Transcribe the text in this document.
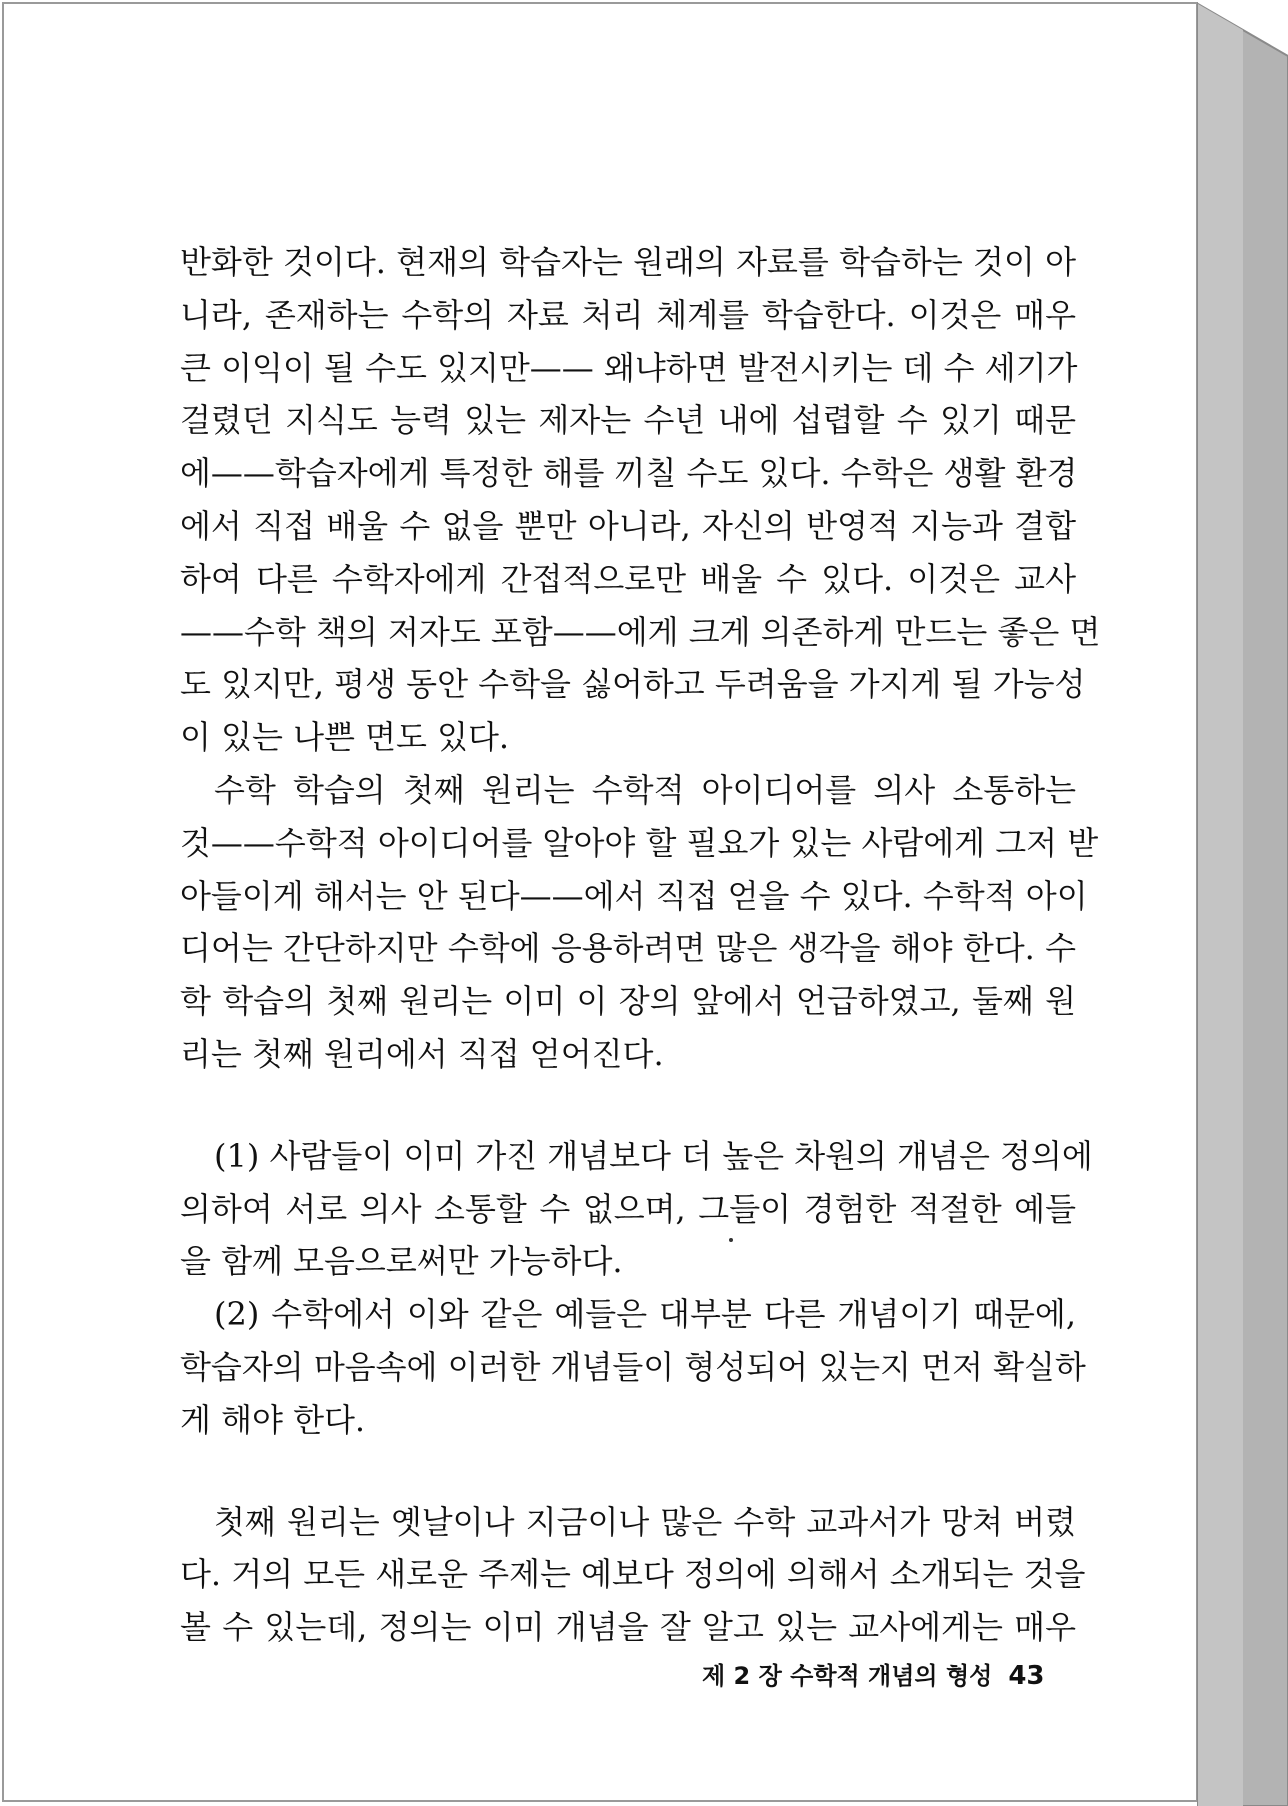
반화한 것이다. 현재의 학습자는 원래의 자료를 학습하는 것이 아
니라, 존재하는 수학의 자료 처리 체계를 학습한다. 이것은 매우
큰 이익이 될 수도 있지만—— 왜냐하면 발전시키는 데 수 세기가
걸렸던 지식도 능력 있는 제자는 수년 내에 섭렵할 수 있기 때문
에——학습자에게 특정한 해를 끼칠 수도 있다. 수학은 생활 환경
에서 직접 배울 수 없을 뿐만 아니라, 자신의 반영적 지능과 결합
하여 다른 수학자에게 간접적으로만 배울 수 있다. 이것은 교사
——수학 책의 저자도 포함——에게 크게 의존하게 만드는 좋은 면
도 있지만, 평생 동안 수학을 싫어하고 두려움을 가지게 될 가능성
이 있는 나쁜 면도 있다.
수학 학습의 첫째 원리는 수학적 아이디어를 의사 소통하는
것——수학적 아이디어를 알아야 할 필요가 있는 사람에게 그저 받
아들이게 해서는 안 된다——에서 직접 얻을 수 있다. 수학적 아이
디어는 간단하지만 수학에 응용하려면 많은 생각을 해야 한다. 수
학 학습의 첫째 원리는 이미 이 장의 앞에서 언급하였고, 둘째 원
리는 첫째 원리에서 직접 얻어진다.
(1) 사람들이 이미 가진 개념보다 더 높은 차원의 개념은 정의에
의하여 서로 의사 소통할 수 없으며, 그들이 경험한 적절한 예들
을 함께 모음으로써만 가능하다.
(2) 수학에서 이와 같은 예들은 대부분 다른 개념이기 때문에,
학습자의 마음속에 이러한 개념들이 형성되어 있는지 먼저 확실하
게 해야 한다.
첫째 원리는 옛날이나 지금이나 많은 수학 교과서가 망쳐 버렸
다. 거의 모든 새로운 주제는 예보다 정의에 의해서 소개되는 것을
볼 수 있는데, 정의는 이미 개념을 잘 알고 있는 교사에게는 매우
제 2 장 수학적 개념의 형성 43
